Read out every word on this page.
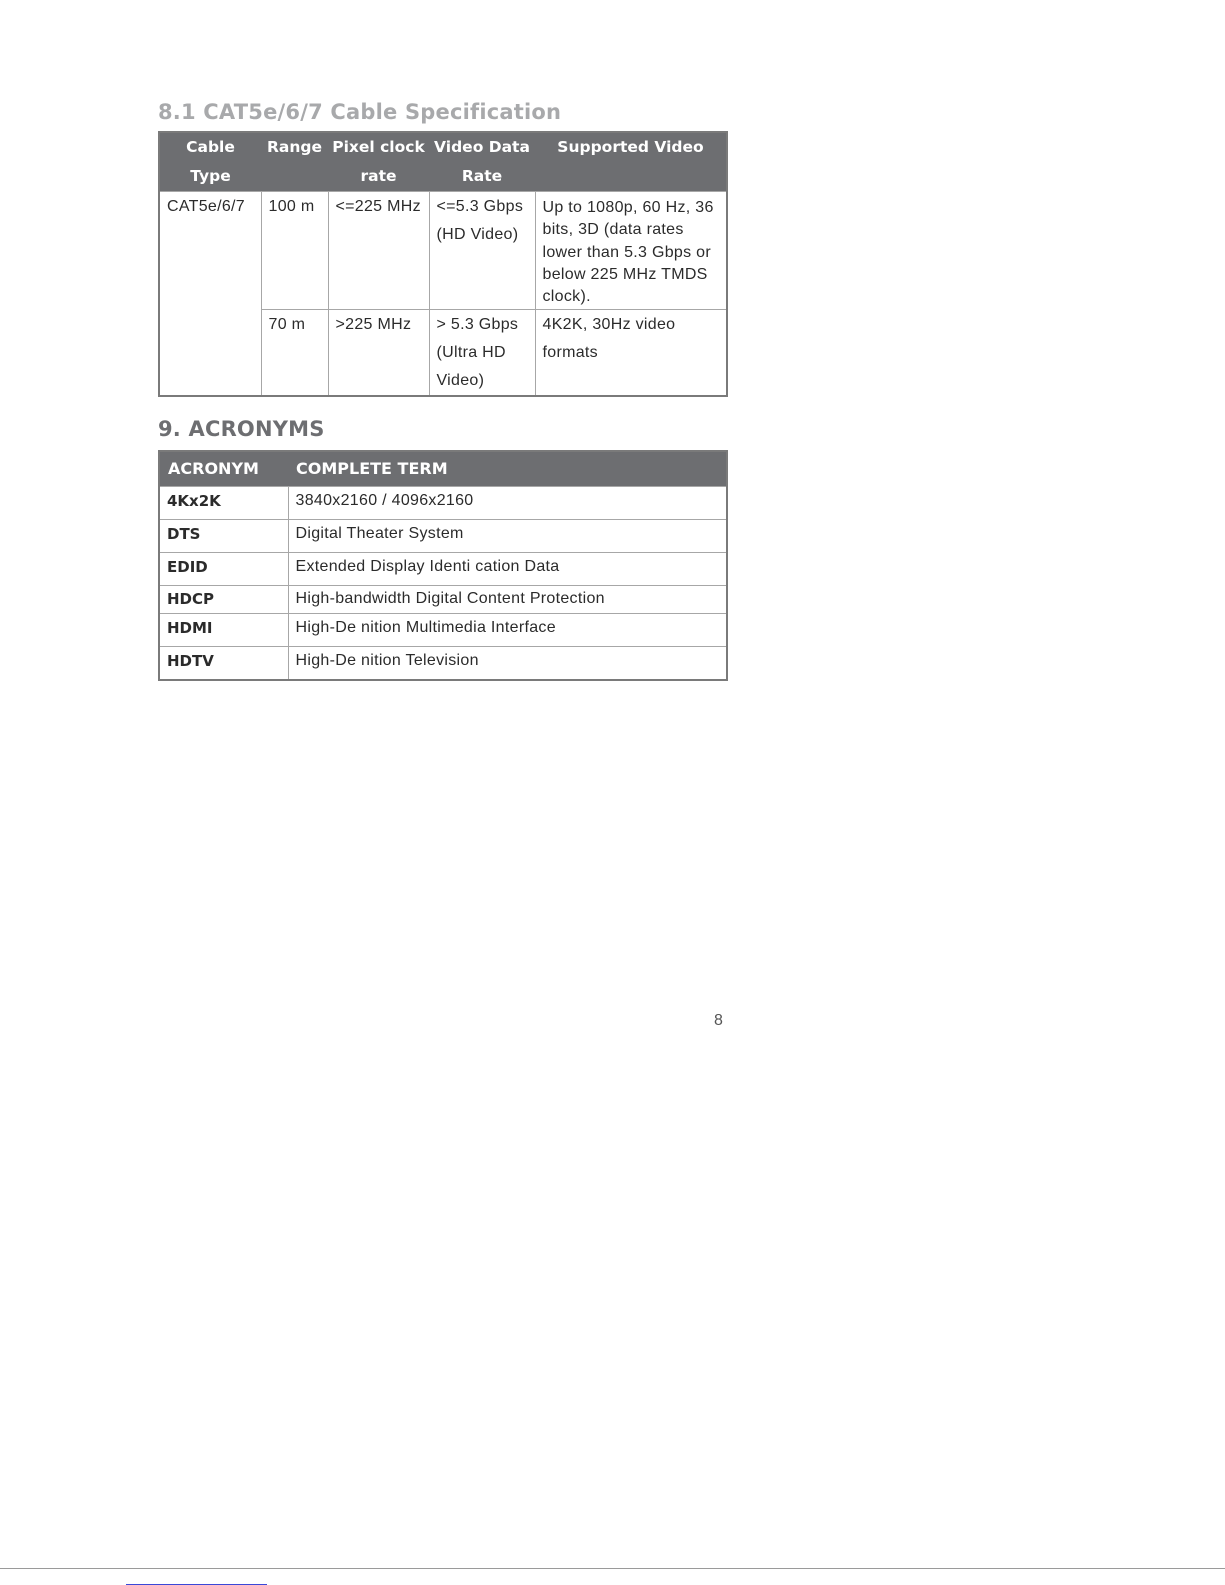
8.1 CAT5e/6/7 Cable Specification
Cable Type	Range	Pixel clock rate	Video Data Rate	Supported Video
CAT5e/6/7	100 m	<=225 MHz	<=5.3 Gbps (HD Video)	Up to 1080p, 60 Hz, 36 bits, 3D (data rates lower than 5.3 Gbps or below 225 MHz TMDS clock).
	70 m	>225 MHz	> 5.3 Gbps (Ultra HD Video)	4K2K, 30Hz video formats
9. ACRONYMS
ACRONYM	COMPLETE TERM
4Kx2K	3840x2160 / 4096x2160
DTS	Digital Theater System
EDID	Extended Display Identi cation Data
HDCP	High-bandwidth Digital Content Protection
HDMI	High-De nition Multimedia Interface
HDTV	High-De nition Television
8
